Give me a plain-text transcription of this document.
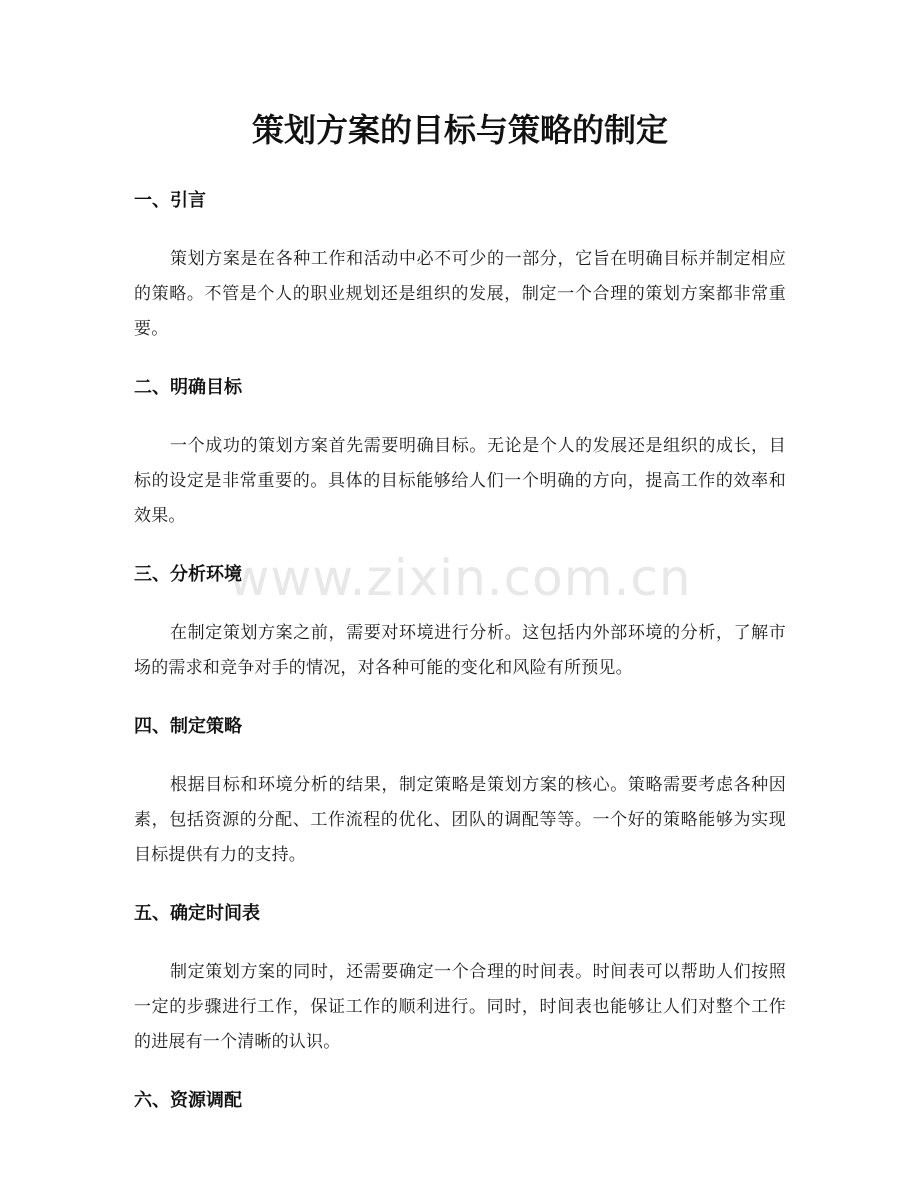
www.zixin.com.cn
策划方案的目标与策略的制定
一、引言

策划方案是在各种工作和活动中必不可少的一部分，它旨在明确目标并制定相应的策略。不管是个人的职业规划还是组织的发展，制定一个合理的策划方案都非常重要。

二、明确目标

一个成功的策划方案首先需要明确目标。无论是个人的发展还是组织的成长，目标的设定是非常重要的。具体的目标能够给人们一个明确的方向，提高工作的效率和效果。

三、分析环境

在制定策划方案之前，需要对环境进行分析。这包括内外部环境的分析，了解市场的需求和竞争对手的情况，对各种可能的变化和风险有所预见。

四、制定策略

根据目标和环境分析的结果，制定策略是策划方案的核心。策略需要考虑各种因素，包括资源的分配、工作流程的优化、团队的调配等等。一个好的策略能够为实现目标提供有力的支持。

五、确定时间表

制定策划方案的同时，还需要确定一个合理的时间表。时间表可以帮助人们按照一定的步骤进行工作，保证工作的顺利进行。同时，时间表也能够让人们对整个工作的进展有一个清晰的认识。

六、资源调配
